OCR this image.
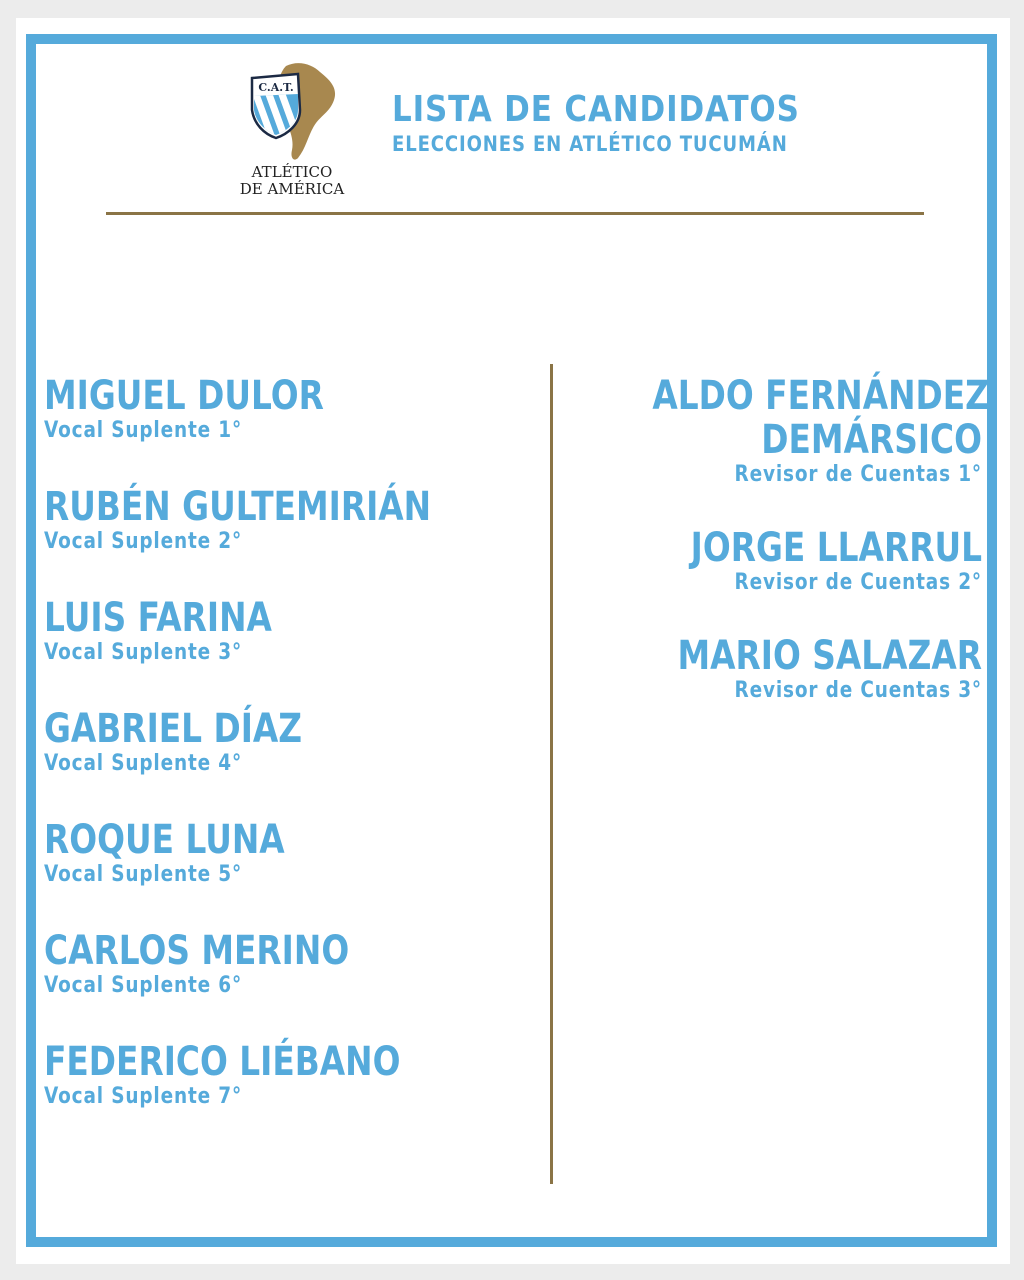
C.A.T.
ATLÉTICO
DE AMÉRICA
LISTA DE CANDIDATOS
ELECCIONES EN ATLÉTICO TUCUMÁN
MIGUEL DULOR
Vocal Suplente 1°
RUBÉN GULTEMIRIÁN
Vocal Suplente 2°
LUIS FARINA
Vocal Suplente 3°
GABRIEL DÍAZ
Vocal Suplente 4°
ROQUE LUNA
Vocal Suplente 5°
CARLOS MERINO
Vocal Suplente 6°
FEDERICO LIÉBANO
Vocal Suplente 7°
ALDO FERNÁNDEZ
DEMÁRSICO
Revisor de Cuentas 1°
JORGE LLARRUL
Revisor de Cuentas 2°
MARIO SALAZAR
Revisor de Cuentas 3°
